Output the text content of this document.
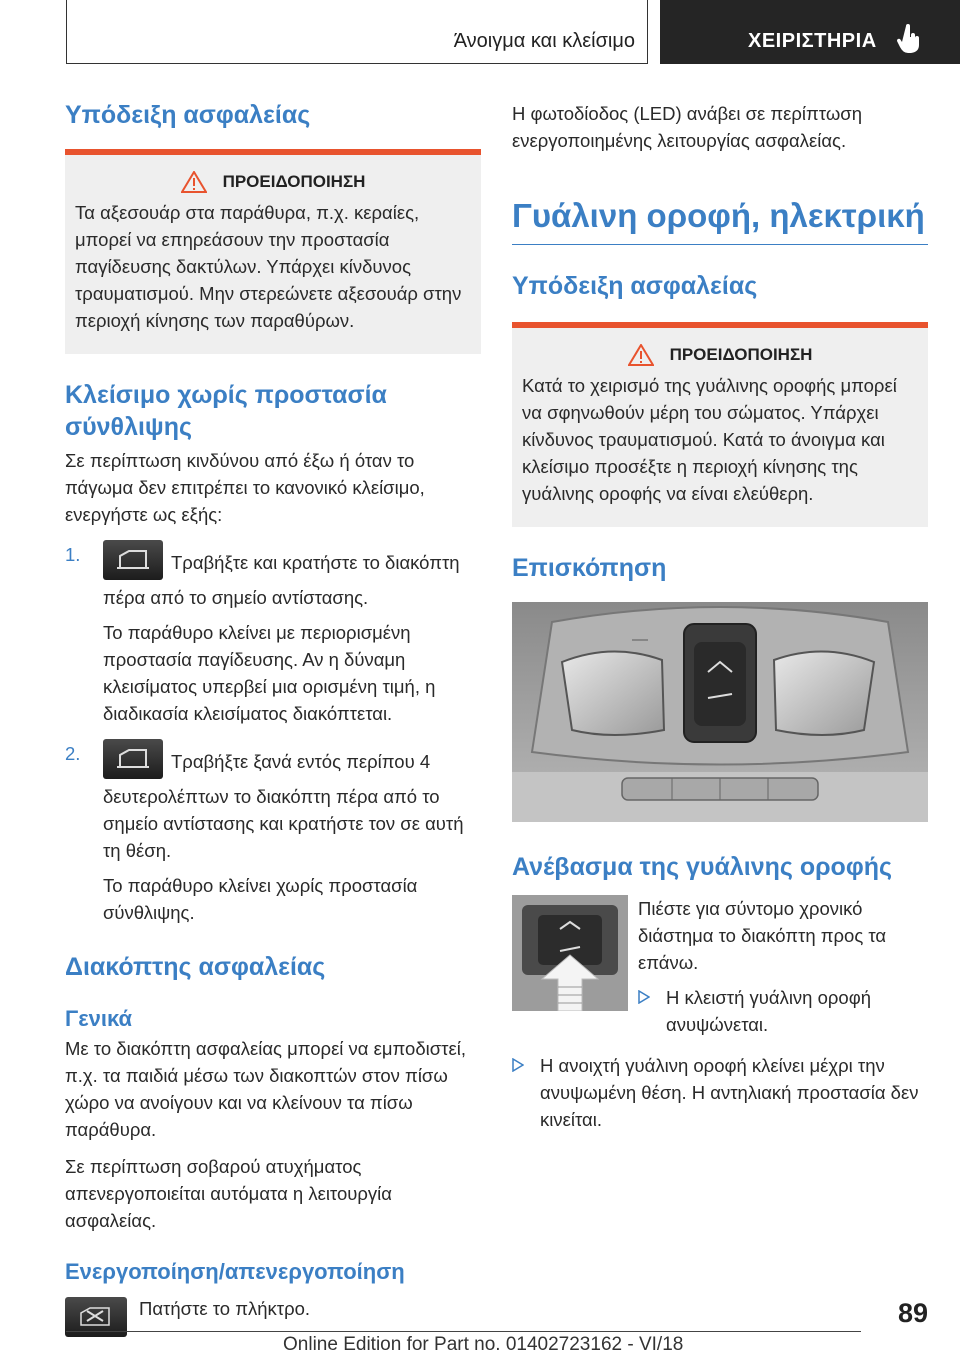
Άνοιγμα και κλείσιμο	ΧΕΙΡΙΣΤΗΡΙΑ
Υπόδειξη ασφαλείας
ΠΡΟΕΙΔΟΠΟΙΗΣΗ

Τα αξεσουάρ στα παράθυρα, π.χ. κεραίες, μπορεί να επηρεάσουν την προστασία παγίδευσης δακτύλων. Υπάρχει κίνδυνος τραυματισμού. Μην στερεώνετε αξεσουάρ στην περιοχή κίνησης των παραθύρων.

Κλείσιμο χωρίς προστασία σύνθλιψης

Σε περίπτωση κινδύνου από έξω ή όταν το πάγωμα δεν επιτρέπει το κανονικό κλείσιμο, ενεργήστε ως εξής:

1.	Τραβήξτε και κρατήστε το διακόπτη πέρα από το σημείο αντίστασης.

Το παράθυρο κλείνει με περιορισμένη προστασία παγίδευσης. Αν η δύναμη κλεισίματος υπερβεί μια ορισμένη τιμή, η διαδικασία κλεισίματος διακόπτεται.

2.	Τραβήξτε ξανά εντός περίπου 4 δευτερολέπτων το διακόπτη πέρα από το σημείο αντίστασης και κρατήστε τον σε αυτή τη θέση.

Το παράθυρο κλείνει χωρίς προστασία σύνθλιψης.

Διακόπτης ασφαλείας
Γενικά

Με το διακόπτη ασφαλείας μπορεί να εμποδιστεί, π.χ. τα παιδιά μέσω των διακοπτών στον πίσω χώρο να ανοίγουν και να κλείνουν τα πίσω παράθυρα.

Σε περίπτωση σοβαρού ατυχήματος απενεργοποιείται αυτόματα η λειτουργία ασφαλείας.

Ενεργοποίηση/απενεργοποίηση

Πατήστε το πλήκτρο.

Η φωτοδίοδος (LED) ανάβει σε περίπτωση ενεργοποιημένης λειτουργίας ασφαλείας.

Γυάλινη οροφή, ηλεκτρική
Υπόδειξη ασφαλείας
ΠΡΟΕΙΔΟΠΟΙΗΣΗ

Κατά το χειρισμό της γυάλινης οροφής μπορεί να σφηνωθούν μέρη του σώματος. Υπάρχει κίνδυνος τραυματισμού. Κατά το άνοιγμα και κλείσιμο προσέξτε η περιοχή κίνησης της γυάλινης οροφής να είναι ελεύθερη.

Επισκόπηση
Ανέβασμα της γυάλινης οροφής

Πιέστε για σύντομο χρονικό διάστημα το διακόπτη προς τα επάνω.

Η κλειστή γυάλινη οροφή ανυψώνεται.

Η ανοιχτή γυάλινη οροφή κλείνει μέχρι την ανυψωμένη θέση. Η αντηλιακή προστασία δεν κινείται.

89
Online Edition for Part no. 01402723162 - VI/18
